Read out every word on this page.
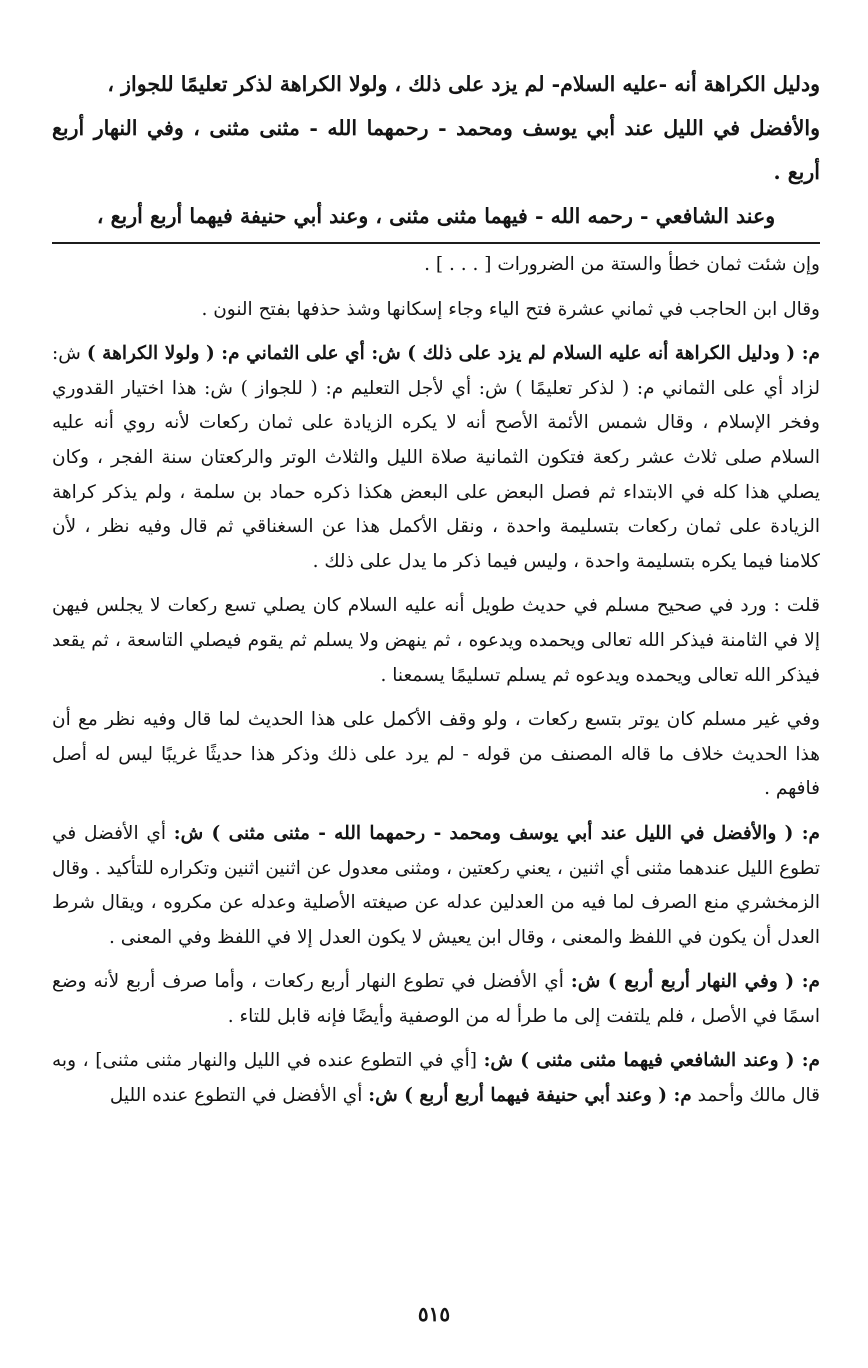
ودليل الكراهة أنه -عليه السلام- لم يزد على ذلك ، ولولا الكراهة لذكر تعليمًا للجواز ،

والأفضل في الليل عند أبي يوسف ومحمد - رحمهما الله - مثنى مثنى ، وفي النهار أربع أربع .

وعند الشافعي - رحمه الله - فيهما مثنى مثنى ، وعند أبي حنيفة فيهما أربع أربع ،

وإن شئت ثمان خطأ والستة من الضرورات [ . . . ] .

وقال ابن الحاجب في ثماني عشرة فتح الياء وجاء إسكانها وشذ حذفها بفتح النون .

م: ( ودليل الكراهة أنه عليه السلام لم يزد على ذلك ) ش: أي على الثماني م: ( ولولا الكراهة ) ش: لزاد أي على الثماني م: ( لذكر تعليمًا ) ش: أي لأجل التعليم م: ( للجواز ) ش: هذا اختيار القدوري وفخر الإسلام ، وقال شمس الأئمة الأصح أنه لا يكره الزيادة على ثمان ركعات لأنه روي أنه عليه السلام صلى ثلاث عشر ركعة فتكون الثمانية صلاة الليل والثلاث الوتر والركعتان سنة الفجر ، وكان يصلي هذا كله في الابتداء ثم فصل البعض على البعض هكذا ذكره حماد بن سلمة ، ولم يذكر كراهة الزيادة على ثمان ركعات بتسليمة واحدة ، ونقل الأكمل هذا عن السغناقي ثم قال وفيه نظر ، لأن كلامنا فيما يكره بتسليمة واحدة ، وليس فيما ذكر ما يدل على ذلك .

قلت : ورد في صحيح مسلم في حديث طويل أنه عليه السلام كان يصلي تسع ركعات لا يجلس فيهن إلا في الثامنة فيذكر الله تعالى ويحمده ويدعوه ، ثم ينهض ولا يسلم ثم يقوم فيصلي التاسعة ، ثم يقعد فيذكر الله تعالى ويحمده ويدعوه ثم يسلم تسليمًا يسمعنا .

وفي غير مسلم كان يوتر بتسع ركعات ، ولو وقف الأكمل على هذا الحديث لما قال وفيه نظر مع أن هذا الحديث خلاف ما قاله المصنف من قوله - لم يرد على ذلك وذكر هذا حديثًا غريبًا ليس له أصل فافهم .

م: ( والأفضل في الليل عند أبي يوسف ومحمد - رحمهما الله - مثنى مثنى ) ش: أي الأفضل في تطوع الليل عندهما مثنى أي اثنين ، يعني ركعتين ، ومثنى معدول عن اثنين اثنين وتكراره للتأكيد . وقال الزمخشري منع الصرف لما فيه من العدلين عدله عن صيغته الأصلية وعدله عن مكروه ، ويقال شرط العدل أن يكون في اللفظ والمعنى ، وقال ابن يعيش لا يكون العدل إلا في اللفظ وفي المعنى .

م: ( وفي النهار أربع أربع ) ش: أي الأفضل في تطوع النهار أربع ركعات ، وأما صرف أربع لأنه وضع اسمًا في الأصل ، فلم يلتفت إلى ما طرأ له من الوصفية وأيضًا فإنه قابل للتاء .

م: ( وعند الشافعي فيهما مثنى مثنى ) ش: [أي في التطوع عنده في الليل والنهار مثنى مثنى] ، وبه قال مالك وأحمد م: ( وعند أبي حنيفة فيهما أربع أربع ) ش: أي الأفضل في التطوع عنده الليل

٥١٥
